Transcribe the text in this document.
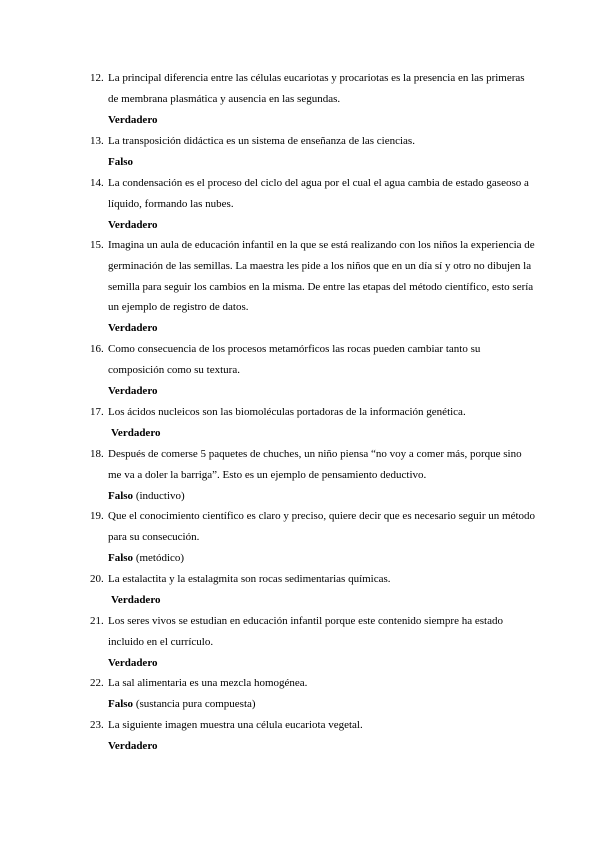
12. La principal diferencia entre las células eucariotas y procariotas es la presencia en las primeras de membrana plasmática y ausencia en las segundas.
Verdadero
13. La transposición didáctica es un sistema de enseñanza de las ciencias.
Falso
14. La condensación es el proceso del ciclo del agua por el cual el agua cambia de estado gaseoso a líquido, formando las nubes.
Verdadero
15. Imagina un aula de educación infantil en la que se está realizando con los niños la experiencia de germinación de las semillas. La maestra les pide a los niños que en un día sí y otro no dibujen la semilla para seguir los cambios en la misma. De entre las etapas del método científico, esto sería un ejemplo de registro de datos.
Verdadero
16. Como consecuencia de los procesos metamórficos las rocas pueden cambiar tanto su composición como su textura.
Verdadero
17. Los ácidos nucleicos son las biomoléculas portadoras de la información genética.
Verdadero
18. Después de comerse 5 paquetes de chuches, un niño piensa “no voy a comer más, porque sino me va a doler la barriga”. Esto es un ejemplo de pensamiento deductivo.
Falso (inductivo)
19. Que el conocimiento científico es claro y preciso, quiere decir que es necesario seguir un método para su consecución.
Falso (metódico)
20. La estalactita y la estalagmita son rocas sedimentarias químicas.
Verdadero
21. Los seres vivos se estudian en educación infantil porque este contenido siempre ha estado incluido en el currículo.
Verdadero
22. La sal alimentaria es una mezcla homogénea.
Falso (sustancia pura compuesta)
23. La siguiente imagen muestra una célula eucariota vegetal.
Verdadero
